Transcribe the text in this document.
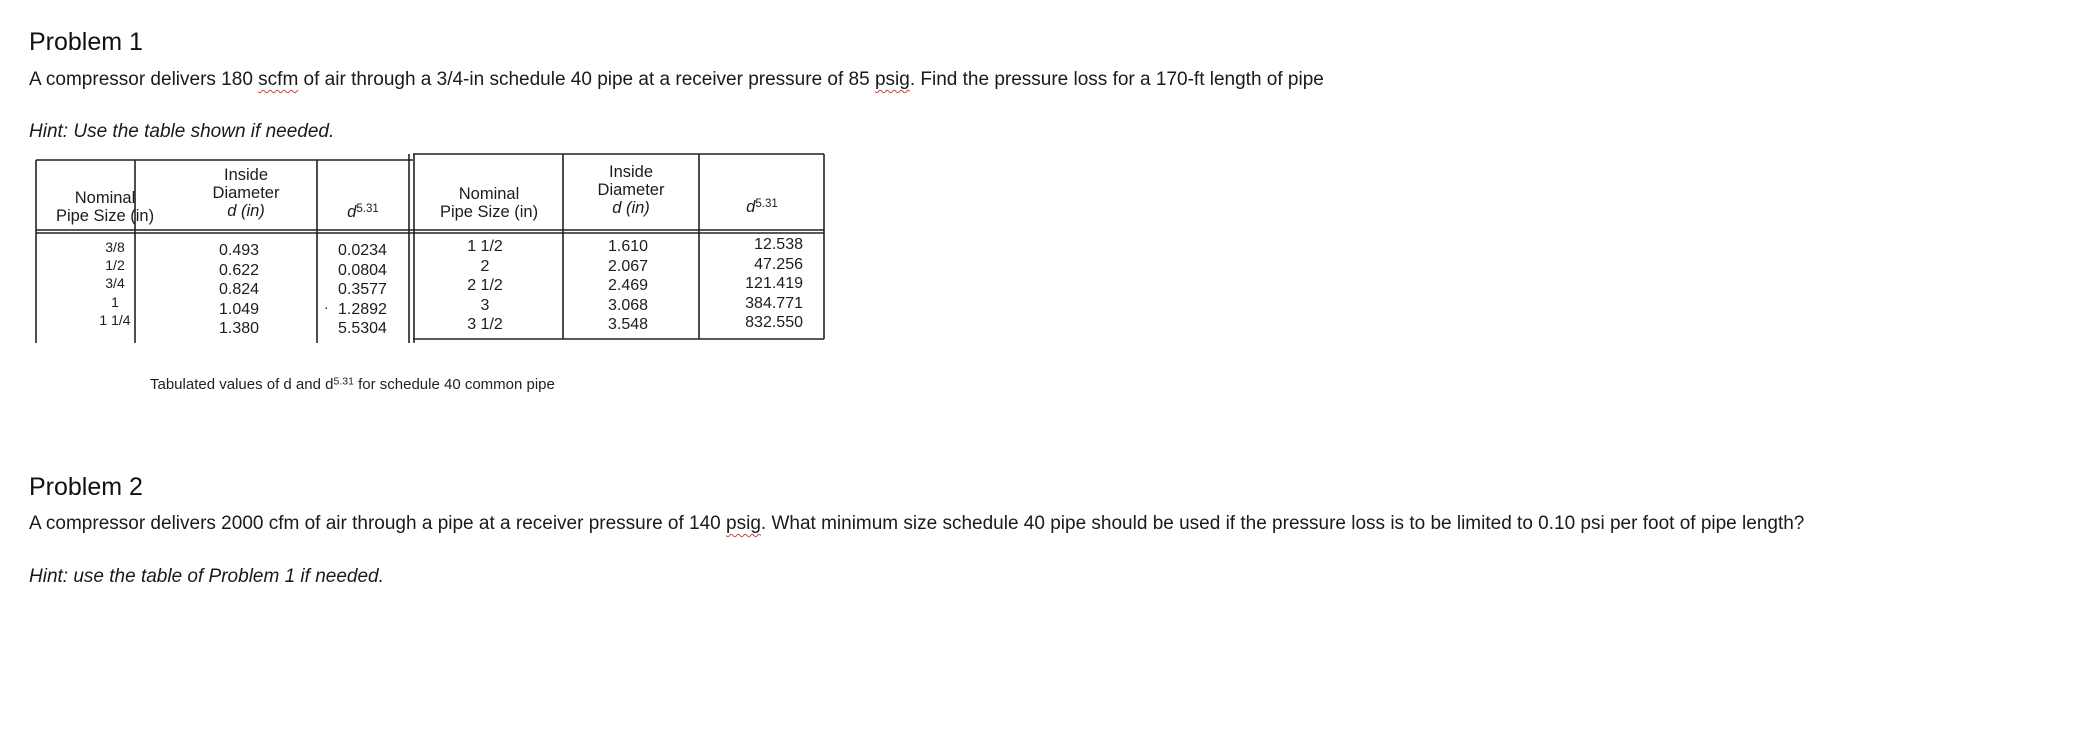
Problem 1
A compressor delivers 180 scfm of air through a 3/4-in schedule 40 pipe at a receiver pressure of 85 psig. Find the pressure loss for a 170-ft length of pipe
Hint: Use the table shown if needed.
Nominal
Pipe Size (in)
Inside
Diameter
d (in)	$d^{5.31}$
Nominal
Pipe Size (in)
Inside
Diameter
d (in)	$d^{5.31}$
3/8
1/2
3/4
1
1 1/4
0.493
0.622
0.824
1.049
1.380
·
0.0234
0.0804
0.3577
1.2892
5.5304
1 1/2
2
2 1/2
3
3 1/2
1.610
2.067
2.469
3.068
3.548
12.538
47.256
121.419
384.771
832.550
Tabulated values of d and $d^{5.31}$ for schedule 40 common pipe
Problem 2
A compressor delivers 2000 cfm of air through a pipe at a receiver pressure of 140 psig. What minimum size schedule 40 pipe should be used if the pressure loss is to be limited to 0.10 psi per foot of pipe length?
Hint: use the table of Problem 1 if needed.
